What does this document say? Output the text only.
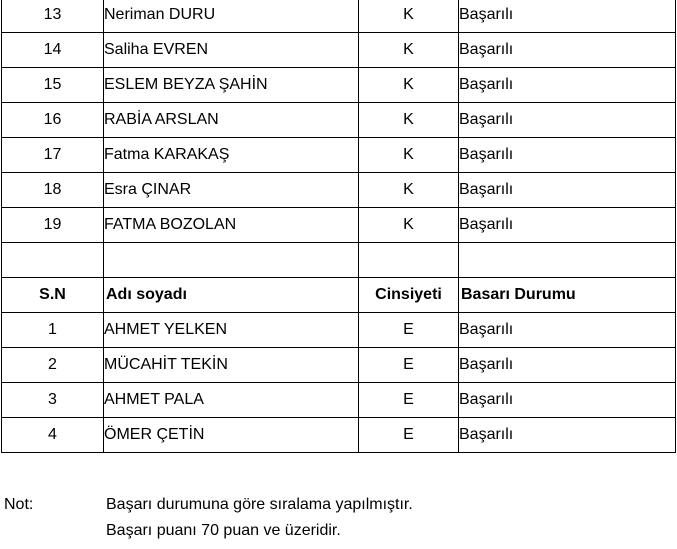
13	Neriman DURU	K	Başarılı
14	Saliha EVREN	K	Başarılı
15	ESLEM BEYZA ŞAHİN	K	Başarılı
16	RABİA ARSLAN	K	Başarılı
17	Fatma KARAKAŞ	K	Başarılı
18	Esra ÇINAR	K	Başarılı
19	FATMA BOZOLAN	K	Başarılı

S.N	Adı soyadı	Cinsiyeti	Basarı Durumu
1	AHMET YELKEN	E	Başarılı
2	MÜCAHİT TEKİN	E	Başarılı
3	AHMET PALA	E	Başarılı
4	ÖMER ÇETİN	E	Başarılı
Not:	Başarı durumuna göre sıralama yapılmıştır.
Başarı puanı 70 puan ve üzeridir.
